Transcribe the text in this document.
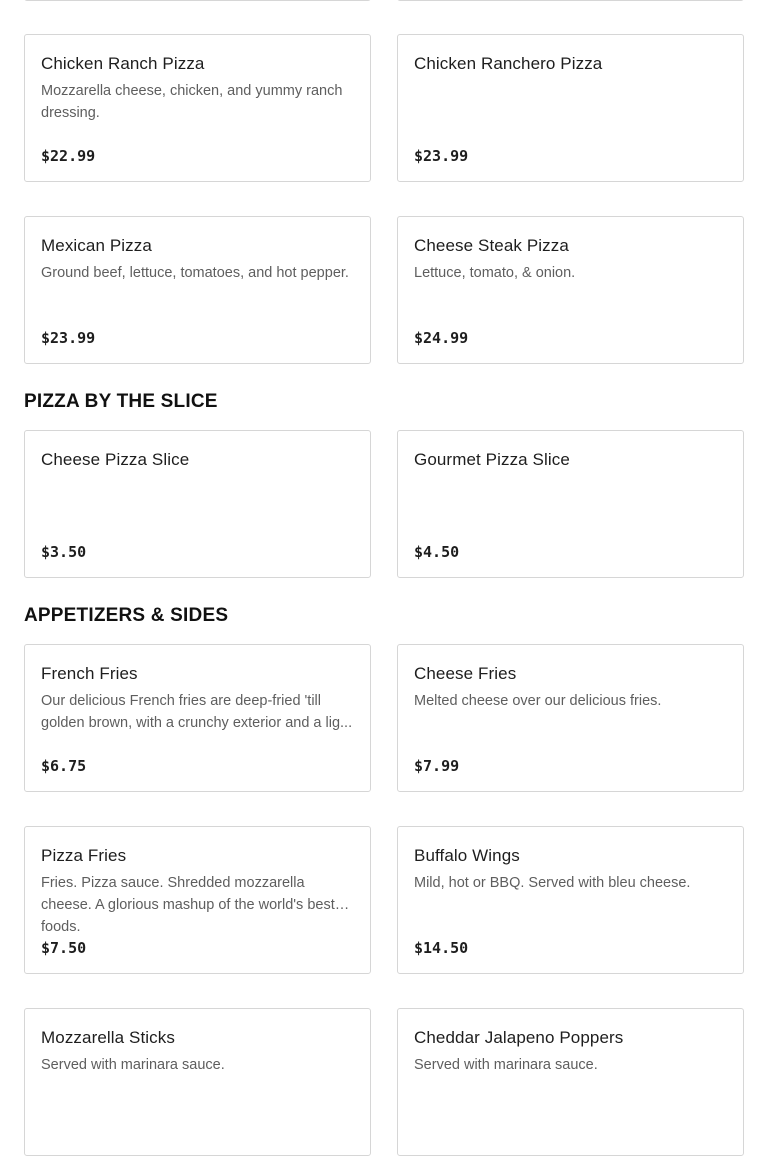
Chicken Ranch Pizza
Mozzarella cheese, chicken, and yummy ranch dressing.
$22.99
Chicken Ranchero Pizza
$23.99
Mexican Pizza
Ground beef, lettuce, tomatoes, and hot pepper.
$23.99
Cheese Steak Pizza
Lettuce, tomato, & onion.
$24.99
PIZZA BY THE SLICE
Cheese Pizza Slice
$3.50
Gourmet Pizza Slice
$4.50
APPETIZERS & SIDES
French Fries
Our delicious French fries are deep-fried 'till golden brown, with a crunchy exterior and a lig...
$6.75
Cheese Fries
Melted cheese over our delicious fries.
$7.99
Pizza Fries
Fries. Pizza sauce. Shredded mozzarella cheese. A glorious mashup of the world's best foods.
$7.50
Buffalo Wings
Mild, hot or BBQ. Served with bleu cheese.
$14.50
Mozzarella Sticks
Served with marinara sauce.
Cheddar Jalapeno Poppers
Served with marinara sauce.
